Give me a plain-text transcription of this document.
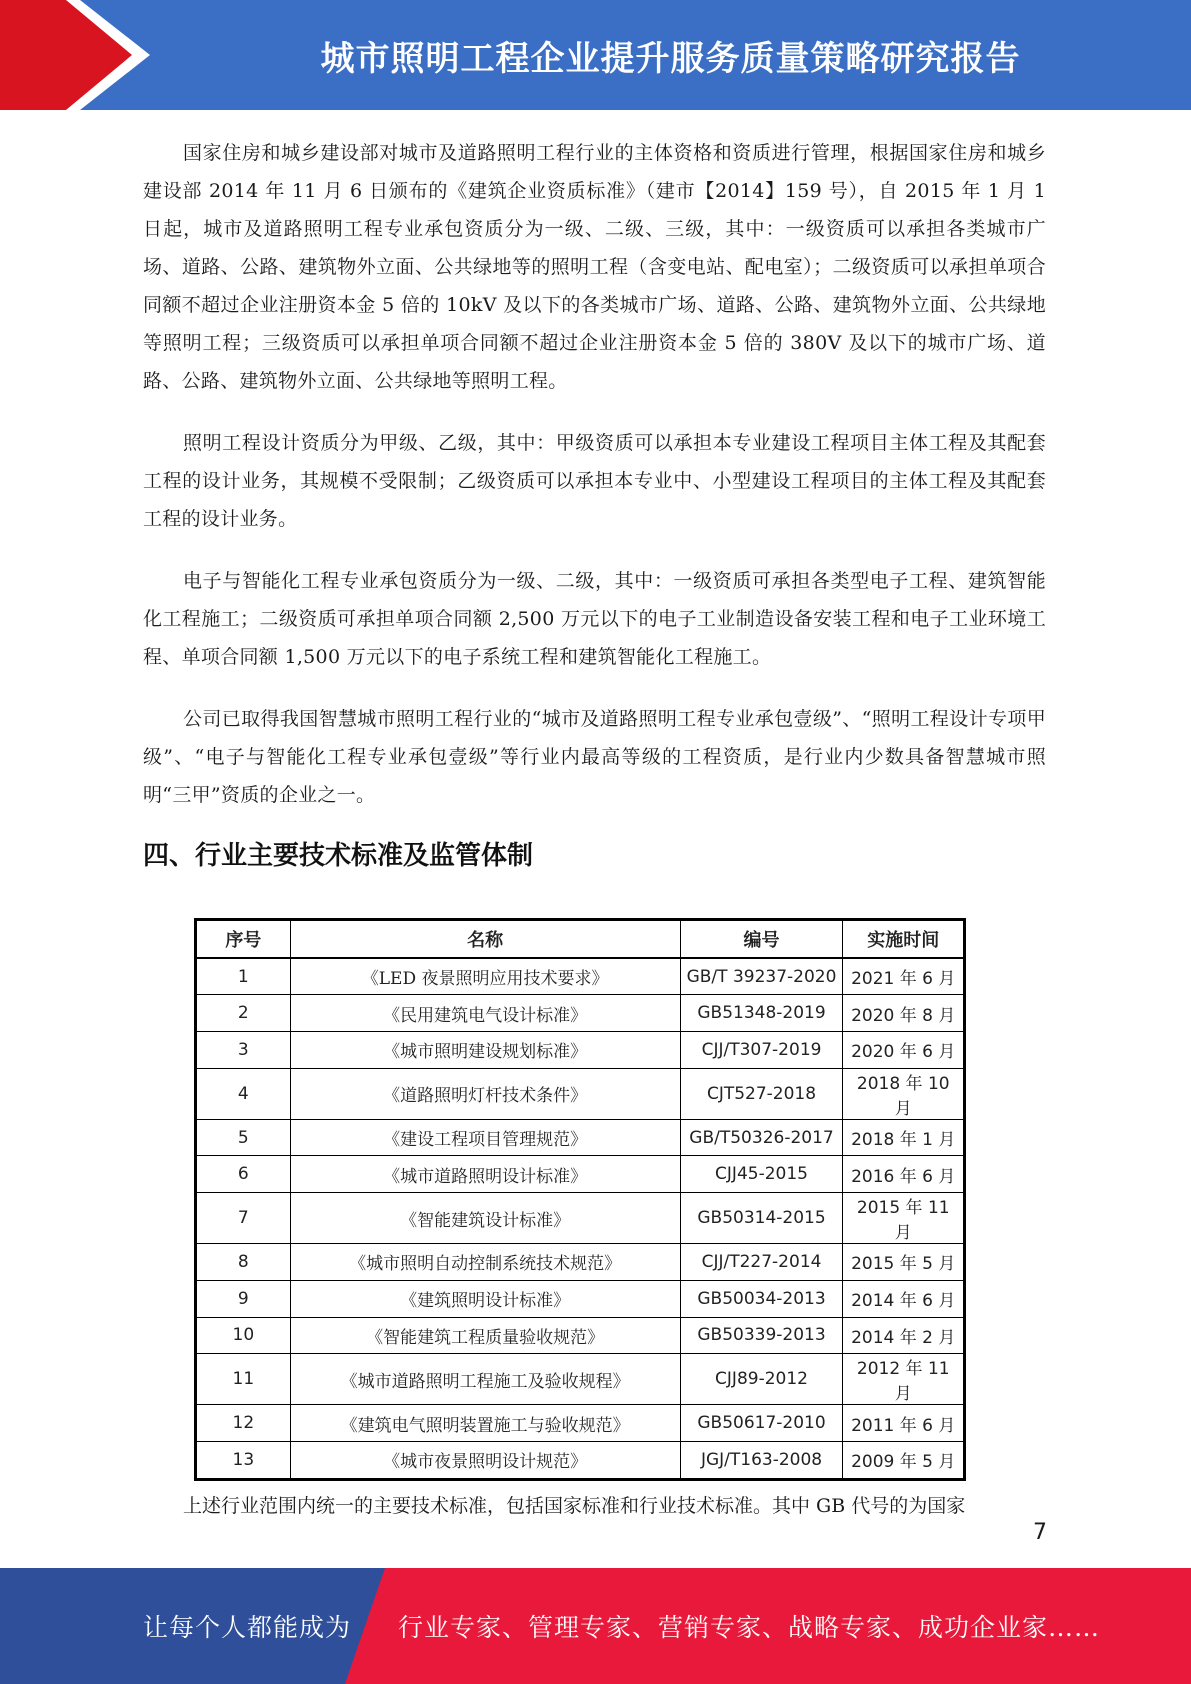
城市照明工程企业提升服务质量策略研究报告

国家住房和城乡建设部对城市及道路照明工程行业的主体资格和资质进行管理，根据国家住房和城乡建设部 2014 年 11 月 6 日颁布的《建筑企业资质标准》（建市【2014】159 号），自 2015 年 1 月 1 日起，城市及道路照明工程专业承包资质分为一级、二级、三级，其中：一级资质可以承担各类城市广场、道路、公路、建筑物外立面、公共绿地等的照明工程（含变电站、配电室）；二级资质可以承担单项合同额不超过企业注册资本金 5 倍的 10kV 及以下的各类城市广场、道路、公路、建筑物外立面、公共绿地等照明工程；三级资质可以承担单项合同额不超过企业注册资本金 5 倍的 380V 及以下的城市广场、道路、公路、建筑物外立面、公共绿地等照明工程。

照明工程设计资质分为甲级、乙级，其中：甲级资质可以承担本专业建设工程项目主体工程及其配套工程的设计业务，其规模不受限制；乙级资质可以承担本专业中、小型建设工程项目的主体工程及其配套工程的设计业务。

电子与智能化工程专业承包资质分为一级、二级，其中：一级资质可承担各类型电子工程、建筑智能化工程施工；二级资质可承担单项合同额 2,500 万元以下的电子工业制造设备安装工程和电子工业环境工程、单项合同额 1,500 万元以下的电子系统工程和建筑智能化工程施工。

公司已取得我国智慧城市照明工程行业的“城市及道路照明工程专业承包壹级”、“照明工程设计专项甲级”、“电子与智能化工程专业承包壹级”等行业内最高等级的工程资质，是行业内少数具备智慧城市照明“三甲”资质的企业之一。

四、行业主要技术标准及监管体制
序号	名称	编号	实施时间
1	《LED 夜景照明应用技术要求》	GB/T 39237-2020	2021 年 6 月
2	《民用建筑电气设计标准》	GB51348-2019	2020 年 8 月
3	《城市照明建设规划标准》	CJJ/T307-2019	2020 年 6 月
4	《道路照明灯杆技术条件》	CJT527-2018	2018 年 10 月
5	《建设工程项目管理规范》	GB/T50326-2017	2018 年 1 月
6	《城市道路照明设计标准》	CJJ45-2015	2016 年 6 月
7	《智能建筑设计标准》	GB50314-2015	2015 年 11 月
8	《城市照明自动控制系统技术规范》	CJJ/T227-2014	2015 年 5 月
9	《建筑照明设计标准》	GB50034-2013	2014 年 6 月
10	《智能建筑工程质量验收规范》	GB50339-2013	2014 年 2 月
11	《城市道路照明工程施工及验收规程》	CJJ89-2012	2012 年 11 月
12	《建筑电气照明装置施工与验收规范》	GB50617-2010	2011 年 6 月
13	《城市夜景照明设计规范》	JGJ/T163-2008	2009 年 5 月

上述行业范围内统一的主要技术标准，包括国家标准和行业技术标准。其中 GB 代号的为国家

7
让每个人都能成为 行业专家、管理专家、营销专家、战略专家、成功企业家……
